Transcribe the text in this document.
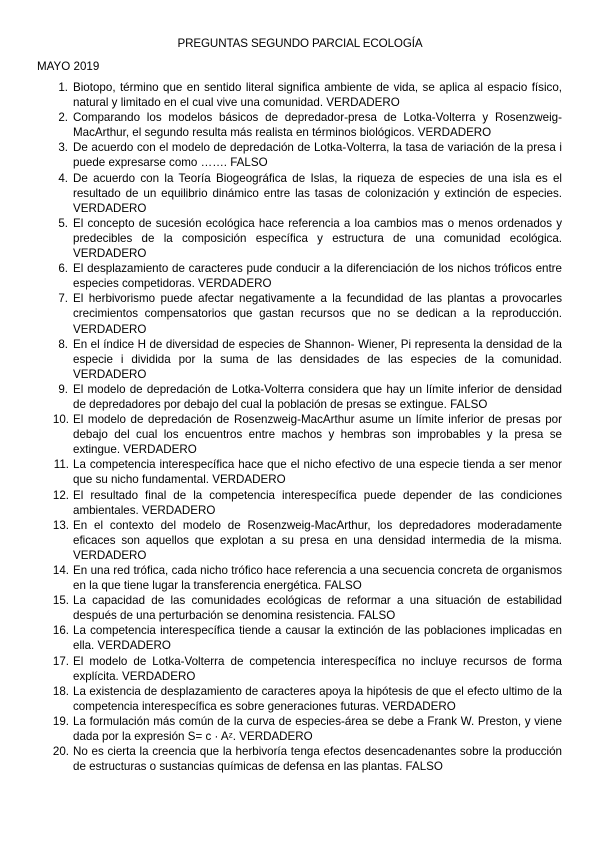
PREGUNTAS SEGUNDO PARCIAL ECOLOGÍA
MAYO 2019
1. Biotopo, término que en sentido literal significa ambiente de vida, se aplica al espacio físico, natural y limitado en el cual vive una comunidad. VERDADERO
2. Comparando los modelos básicos de depredador-presa de Lotka-Volterra y Rosenzweig-MacArthur, el segundo resulta más realista en términos biológicos. VERDADERO
3. De acuerdo con el modelo de depredación de Lotka-Volterra, la tasa de variación de la presa i puede expresarse como ……. FALSO
4. De acuerdo con la Teoría Biogeográfica de Islas, la riqueza de especies de una isla es el resultado de un equilibrio dinámico entre las tasas de colonización y extinción de especies. VERDADERO
5. El concepto de sucesión ecológica hace referencia a loa cambios mas o menos ordenados y predecibles de la composición específica y estructura de una comunidad ecológica. VERDADERO
6. El desplazamiento de caracteres pude conducir a la diferenciación de los nichos tróficos entre especies competidoras. VERDADERO
7. El herbivorismo puede afectar negativamente a la fecundidad de las plantas a provocarles crecimientos compensatorios que gastan recursos que no se dedican a la reproducción. VERDADERO
8. En el índice H de diversidad de especies de Shannon- Wiener, Pi representa la densidad de la especie i dividida por la suma de las densidades de las especies de la comunidad. VERDADERO
9. El modelo de depredación de Lotka-Volterra considera que hay un límite inferior de densidad de depredadores por debajo del cual la población de presas se extingue. FALSO
10. El modelo de depredación de Rosenzweig-MacArthur asume un límite inferior de presas por debajo del cual los encuentros entre machos y hembras son improbables y la presa se extingue. VERDADERO
11. La competencia interespecífica hace que el nicho efectivo de una especie tienda a ser menor que su nicho fundamental. VERDADERO
12. El resultado final de la competencia interespecífica puede depender de las condiciones ambientales. VERDADERO
13. En el contexto del modelo de Rosenzweig-MacArthur, los depredadores moderadamente eficaces son aquellos que explotan a su presa en una densidad intermedia de la misma. VERDADERO
14. En una red trófica, cada nicho trófico hace referencia a una secuencia concreta de organismos en la que tiene lugar la transferencia energética. FALSO
15. La capacidad de las comunidades ecológicas de reformar a una situación de estabilidad después de una perturbación se denomina resistencia. FALSO
16. La competencia interespecífica tiende a causar la extinción de las poblaciones implicadas en ella. VERDADERO
17. El modelo de Lotka-Volterra de competencia interespecífica no incluye recursos de forma explícita. VERDADERO
18. La existencia de desplazamiento de caracteres apoya la hipótesis de que el efecto ultimo de la competencia interespecífica es sobre generaciones futuras. VERDADERO
19. La formulación más común de la curva de especies-área se debe a Frank W. Preston, y viene dada por la expresión S= c · Aᶻ. VERDADERO
20. No es cierta la creencia que la herbivoría tenga efectos desencadenantes sobre la producción de estructuras o sustancias químicas de defensa en las plantas. FALSO
